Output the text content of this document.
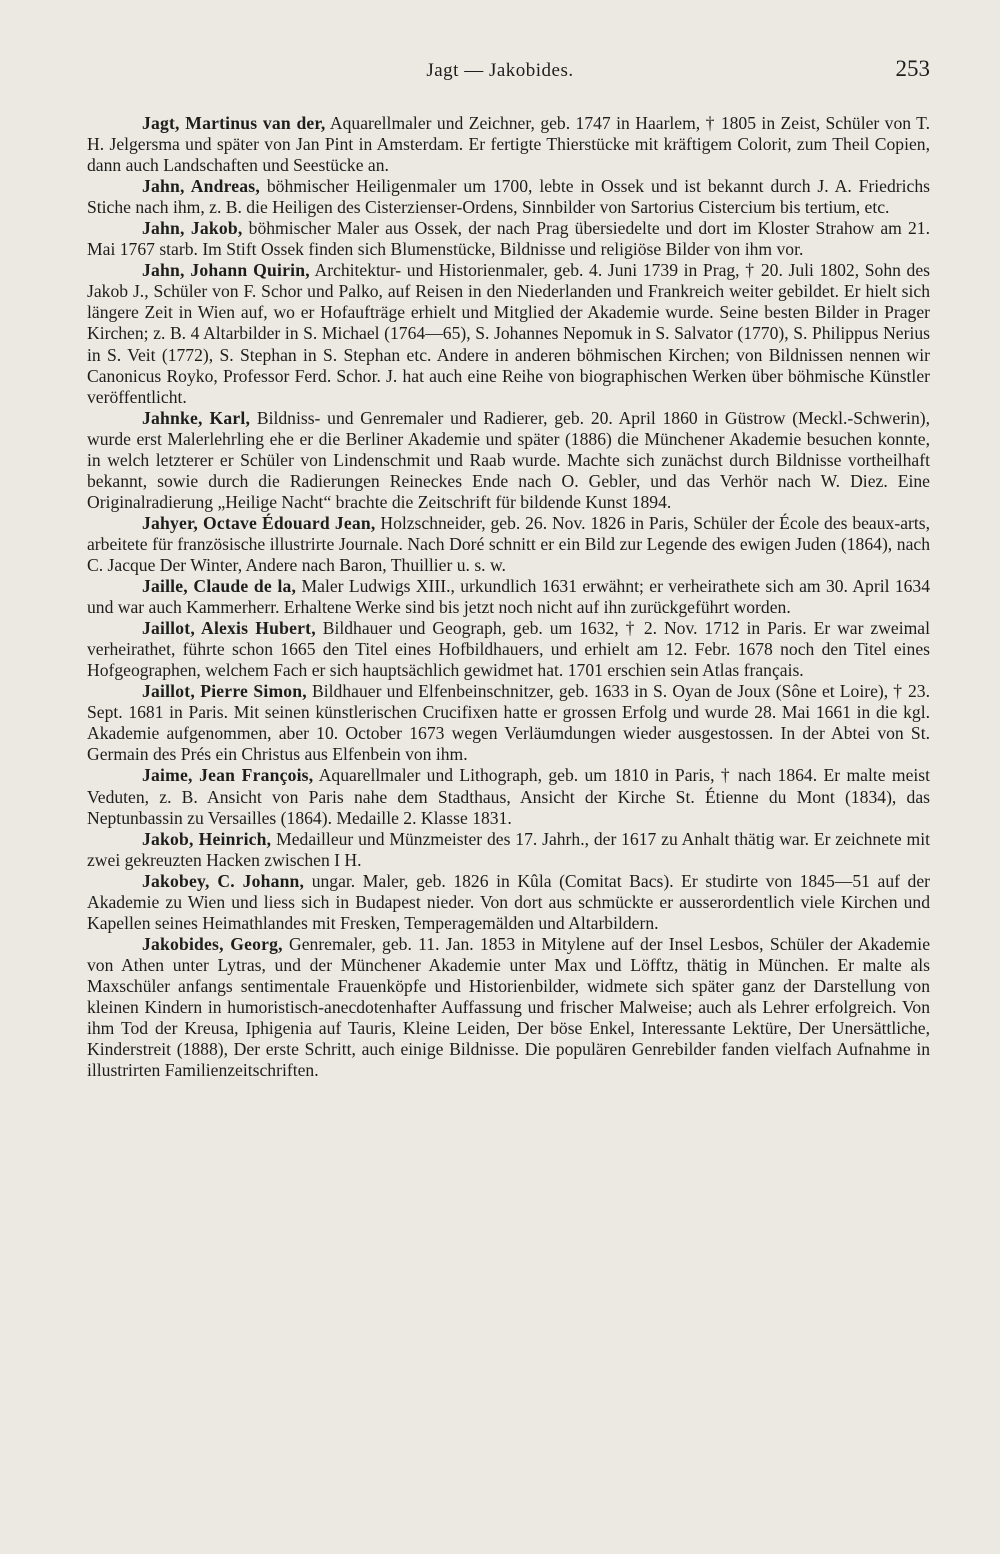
Jagt — Jakobides.	253

Jagt, Martinus van der, Aquarellmaler und Zeichner, geb. 1747 in Haarlem, † 1805 in Zeist, Schüler von T. H. Jelgersma und später von Jan Pint in Amsterdam. Er fertigte Thierstücke mit kräftigem Colorit, zum Theil Copien, dann auch Landschaften und Seestücke an.

Jahn, Andreas, böhmischer Heiligenmaler um 1700, lebte in Ossek und ist bekannt durch J. A. Friedrichs Stiche nach ihm, z. B. die Heiligen des Cisterzienser-Ordens, Sinnbilder von Sartorius Cistercium bis tertium, etc.

Jahn, Jakob, böhmischer Maler aus Ossek, der nach Prag übersiedelte und dort im Kloster Strahow am 21. Mai 1767 starb. Im Stift Ossek finden sich Blumenstücke, Bildnisse und religiöse Bilder von ihm vor.

Jahn, Johann Quirin, Architektur- und Historienmaler, geb. 4. Juni 1739 in Prag, † 20. Juli 1802, Sohn des Jakob J., Schüler von F. Schor und Palko, auf Reisen in den Niederlanden und Frankreich weiter gebildet. Er hielt sich längere Zeit in Wien auf, wo er Hofaufträge erhielt und Mitglied der Akademie wurde. Seine besten Bilder in Prager Kirchen; z. B. 4 Altarbilder in S. Michael (1764—65), S. Johannes Nepomuk in S. Salvator (1770), S. Philippus Nerius in S. Veit (1772), S. Stephan in S. Stephan etc. Andere in anderen böhmischen Kirchen; von Bildnissen nennen wir Canonicus Royko, Professor Ferd. Schor. J. hat auch eine Reihe von biographischen Werken über böhmische Künstler veröffentlicht.

Jahnke, Karl, Bildniss- und Genremaler und Radierer, geb. 20. April 1860 in Güstrow (Meckl.-Schwerin), wurde erst Malerlehrling ehe er die Berliner Akademie und später (1886) die Münchener Akademie besuchen konnte, in welch letzterer er Schüler von Lindenschmit und Raab wurde. Machte sich zunächst durch Bildnisse vortheilhaft bekannt, sowie durch die Radierungen Reineckes Ende nach O. Gebler, und das Verhör nach W. Diez. Eine Originalradierung „Heilige Nacht“ brachte die Zeitschrift für bildende Kunst 1894.

Jahyer, Octave Édouard Jean, Holzschneider, geb. 26. Nov. 1826 in Paris, Schüler der École des beaux-arts, arbeitete für französische illustrirte Journale. Nach Doré schnitt er ein Bild zur Legende des ewigen Juden (1864), nach C. Jacque Der Winter, Andere nach Baron, Thuillier u. s. w.

Jaille, Claude de la, Maler Ludwigs XIII., urkundlich 1631 erwähnt; er verheirathete sich am 30. April 1634 und war auch Kammerherr. Erhaltene Werke sind bis jetzt noch nicht auf ihn zurückgeführt worden.

Jaillot, Alexis Hubert, Bildhauer und Geograph, geb. um 1632, † 2. Nov. 1712 in Paris. Er war zweimal verheirathet, führte schon 1665 den Titel eines Hofbildhauers, und erhielt am 12. Febr. 1678 noch den Titel eines Hofgeographen, welchem Fach er sich hauptsächlich gewidmet hat. 1701 erschien sein Atlas français.

Jaillot, Pierre Simon, Bildhauer und Elfenbeinschnitzer, geb. 1633 in S. Oyan de Joux (Sône et Loire), † 23. Sept. 1681 in Paris. Mit seinen künstlerischen Crucifixen hatte er grossen Erfolg und wurde 28. Mai 1661 in die kgl. Akademie aufgenommen, aber 10. October 1673 wegen Verläumdungen wieder ausgestossen. In der Abtei von St. Germain des Prés ein Christus aus Elfenbein von ihm.

Jaime, Jean François, Aquarellmaler und Lithograph, geb. um 1810 in Paris, † nach 1864. Er malte meist Veduten, z. B. Ansicht von Paris nahe dem Stadthaus, Ansicht der Kirche St. Étienne du Mont (1834), das Neptunbassin zu Versailles (1864). Medaille 2. Klasse 1831.

Jakob, Heinrich, Medailleur und Münzmeister des 17. Jahrh., der 1617 zu Anhalt thätig war. Er zeichnete mit zwei gekreuzten Hacken zwischen I H.

Jakobey, C. Johann, ungar. Maler, geb. 1826 in Kûla (Comitat Bacs). Er studirte von 1845—51 auf der Akademie zu Wien und liess sich in Budapest nieder. Von dort aus schmückte er ausserordentlich viele Kirchen und Kapellen seines Heimathlandes mit Fresken, Temperagemälden und Altarbildern.

Jakobides, Georg, Genremaler, geb. 11. Jan. 1853 in Mitylene auf der Insel Lesbos, Schüler der Akademie von Athen unter Lytras, und der Münchener Akademie unter Max und Löfftz, thätig in München. Er malte als Maxschüler anfangs sentimentale Frauenköpfe und Historienbilder, widmete sich später ganz der Darstellung von kleinen Kindern in humoristisch-anecdotenhafter Auffassung und frischer Malweise; auch als Lehrer erfolgreich. Von ihm Tod der Kreusa, Iphigenia auf Tauris, Kleine Leiden, Der böse Enkel, Interessante Lektüre, Der Unersättliche, Kinderstreit (1888), Der erste Schritt, auch einige Bildnisse. Die populären Genrebilder fanden vielfach Aufnahme in illustrirten Familienzeitschriften.
